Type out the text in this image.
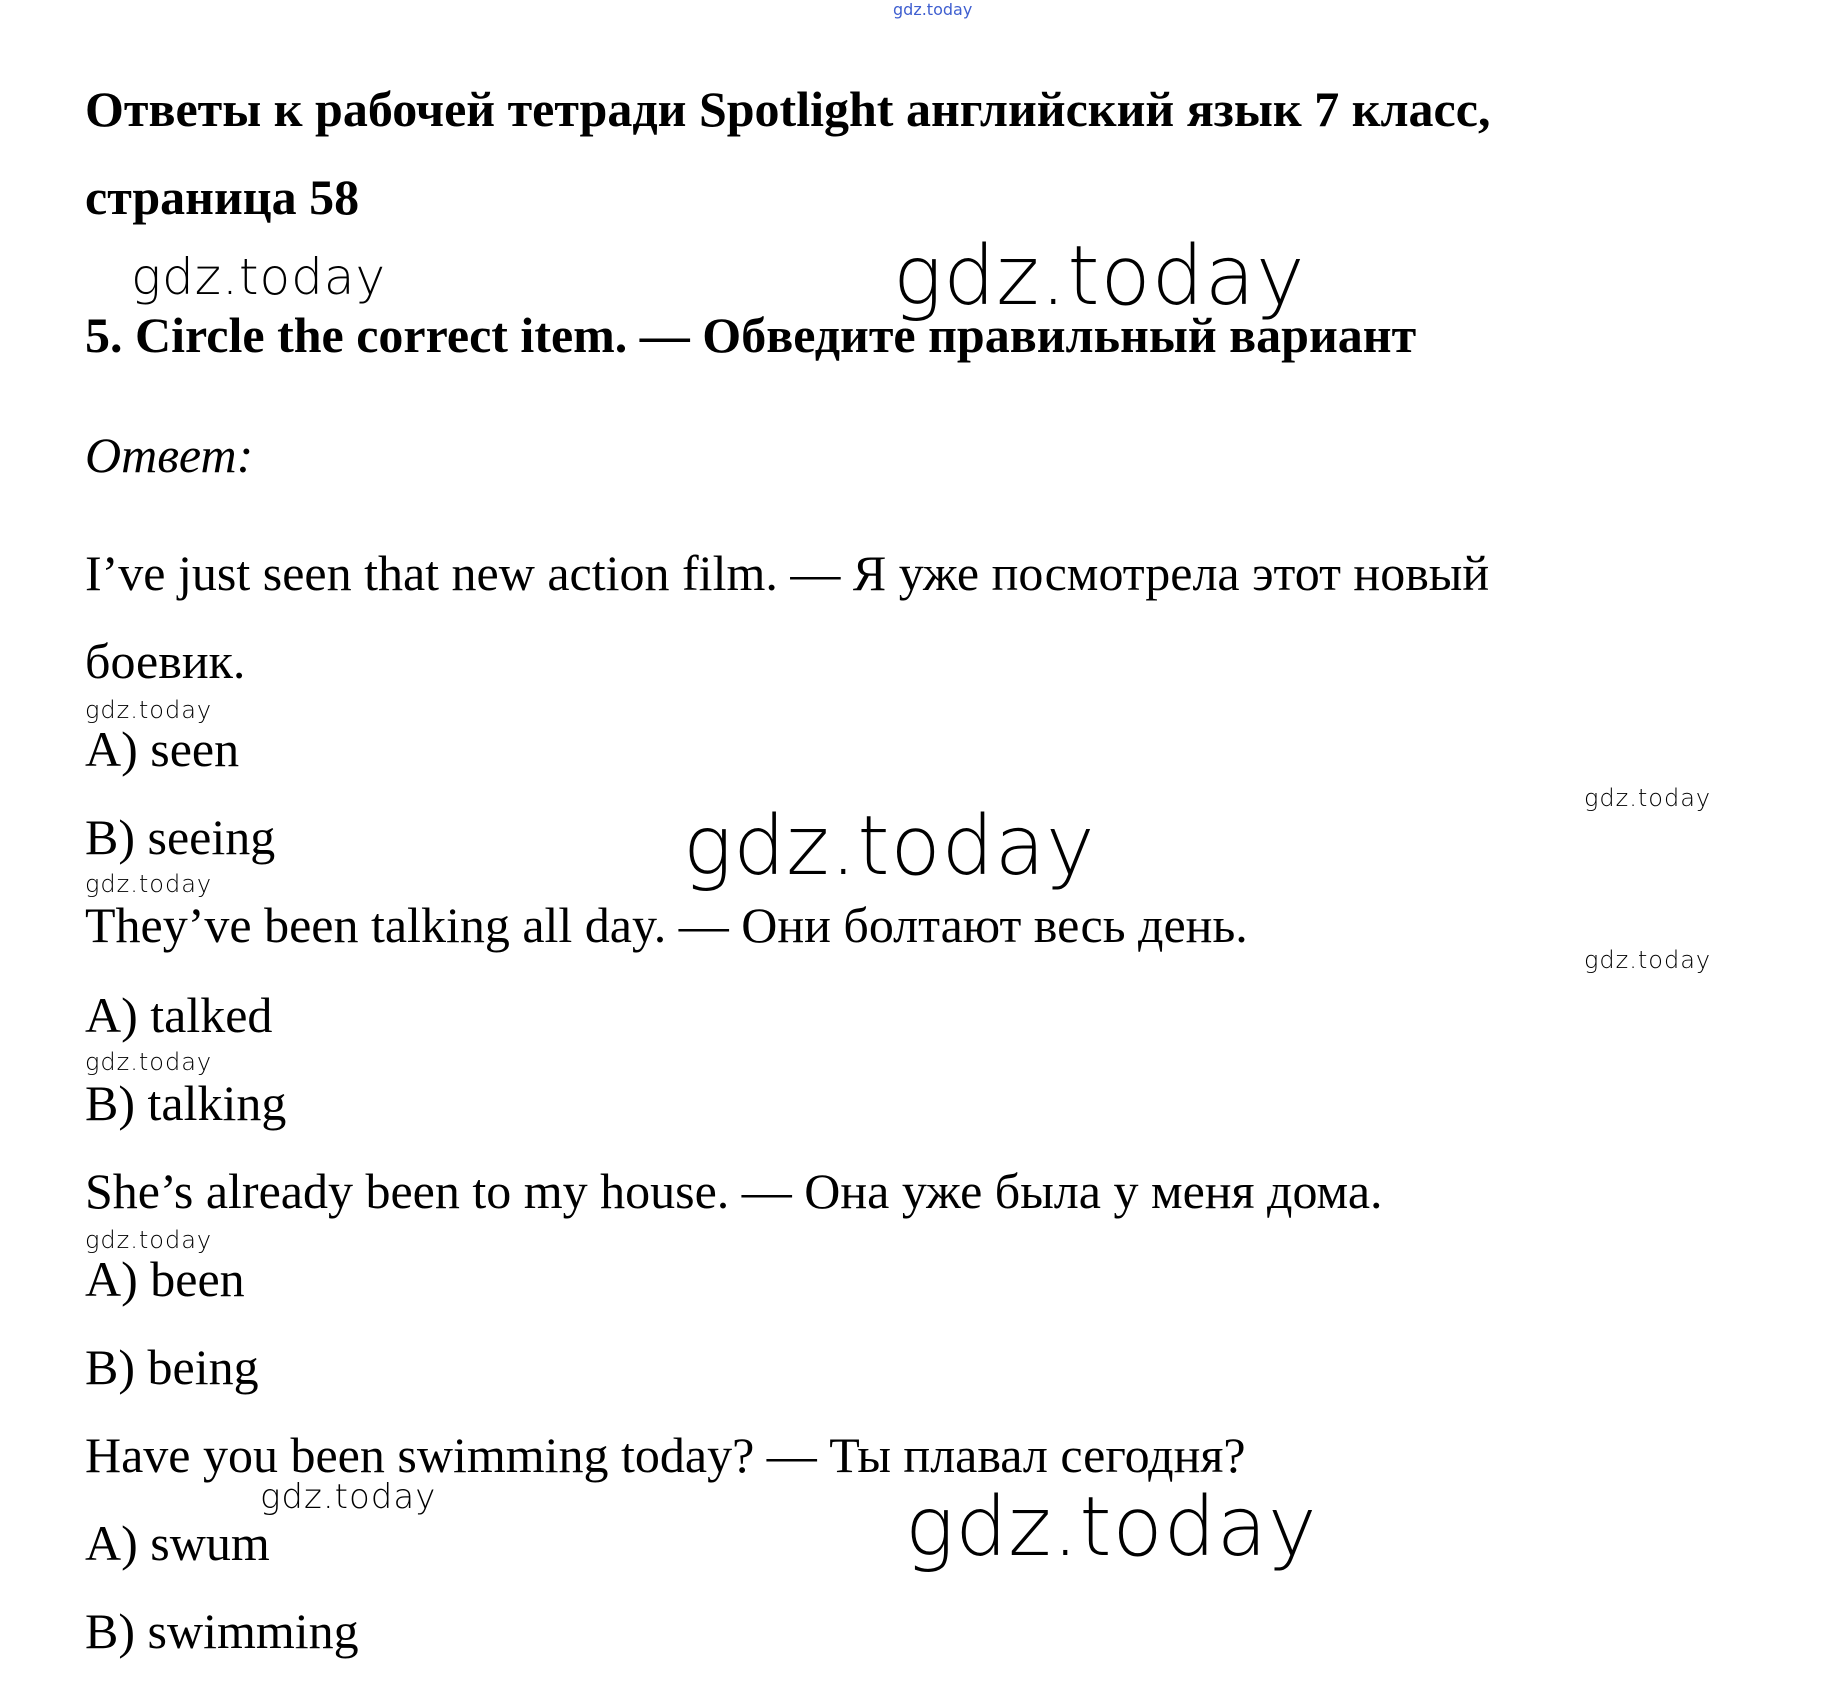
gdz.today
Ответы к рабочей тетради Spotlight английский язык 7 класс,
страница 58
5. Circle the correct item. — Обведите правильный вариант
Ответ:
I’ve just seen that new action film. — Я уже посмотрела этот новый
боевик.
A) seen
B) seeing
They’ve been talking all day. — Они болтают весь день.
A) talked
B) talking
She’s already been to my house. — Она уже была у меня дома.
A) been
B) being
Have you been swimming today? — Ты плавал сегодня?
A) swum
B) swimming
gdz.today
gdz.today
gdz.today
gdz.today
gdz.today
gdz.today
gdz.today
gdz.today
gdz.today
gdz.today
gdz.today
